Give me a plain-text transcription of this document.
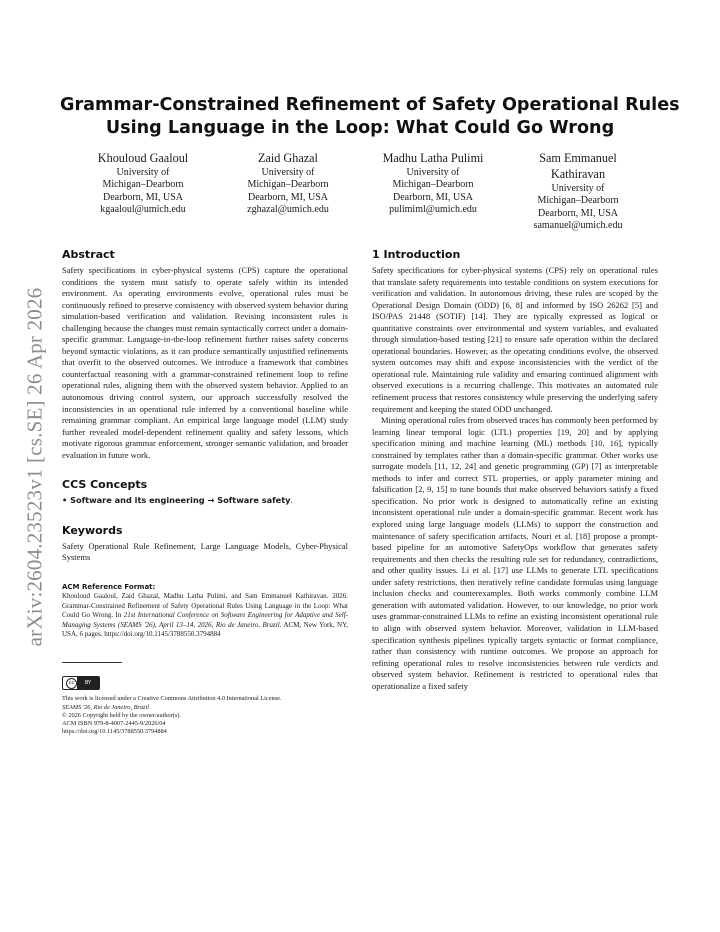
arXiv:2604.23523v1 [cs.SE] 26 Apr 2026
Grammar-Constrained Refinement of Safety Operational Rules
Using Language in the Loop: What Could Go Wrong
Khouloud Gaaloul
University of
Michigan–Dearborn
Dearborn, MI, USA
kgaaloul@umich.edu
Zaid Ghazal
University of
Michigan–Dearborn
Dearborn, MI, USA
zghazal@umich.edu
Madhu Latha Pulimi
University of
Michigan–Dearborn
Dearborn, MI, USA
pulimiml@umich.edu
Sam Emmanuel
Kathiravan
University of
Michigan–Dearborn
Dearborn, MI, USA
samanuel@umich.edu
Abstract

Safety specifications in cyber-physical systems (CPS) capture the operational conditions the system must satisfy to operate safely within its intended environment. As operating environments evolve, operational rules must be continuously refined to preserve consistency with observed system behavior during simulation-based verification and validation. Revising inconsistent rules is challenging because the changes must remain syntactically correct under a domain-specific grammar. Language-in-the-loop refinement further raises safety concerns beyond syntactic violations, as it can produce semantically unjustified refinements that overfit to the observed outcomes. We introduce a framework that combines counterfactual reasoning with a grammar-constrained refinement loop to refine operational rules, aligning them with the observed system behavior. Applied to an autonomous driving control system, our approach successfully resolved the inconsistencies in an operational rule inferred by a conventional baseline while remaining grammar compliant. An empirical large language model (LLM) study further revealed model-dependent refinement quality and safety lessons, which motivate rigorous grammar enforcement, stronger semantic validation, and broader evaluation in future work.

CCS Concepts

• Software and its engineering → Software safety.

Keywords

Safety Operational Rule Refinement, Large Language Models, Cyber-Physical Systems

ACM Reference Format:

Khouloud Gaaloul, Zaid Ghazal, Madhu Latha Pulimi, and Sam Emmanuel Kathiravan. 2026. Grammar-Constrained Refinement of Safety Operational Rules Using Language in the Loop: What Could Go Wrong. In 21st International Conference on Software Engineering for Adaptive and Self-Managing Systems (SEAMS '26), April 13–14, 2026, Rio de Janeiro, Brazil. ACM, New York, NY, USA, 6 pages. https://doi.org/10.1145/3788550.3794884

cc	BY

This work is licensed under a Creative Commons Attribution 4.0 International License.

SEAMS '26, Rio de Janeiro, Brazil

© 2026 Copyright held by the owner/author(s).

ACM ISBN 979-8-4007-2445-9/2026/04

https://doi.org/10.1145/3788550.3794884

1 Introduction

Safety specifications for cyber-physical systems (CPS) rely on operational rules that translate safety requirements into testable conditions on system executions for verification and validation. In autonomous driving, these rules are scoped by the Operational Design Domain (ODD) [6, 8] and informed by ISO 26262 [5] and ISO/PAS 21448 (SOTIF) [14]. They are typically expressed as logical or quantitative constraints over environmental and system variables, and evaluated through simulation-based testing [21] to ensure safe operation within the declared operational boundaries. However, as the operating conditions evolve, the observed system outcomes may shift and expose inconsistencies with the verdict of the operational rule. Maintaining rule validity and ensuring continued alignment with observed executions is a recurring challenge. This motivates an automated rule refinement process that restores consistency while preserving the underlying safety requirement and keeping the stated ODD unchanged.

Mining operational rules from observed traces has commonly been performed by learning linear temporal logic (LTL) properties [19, 20] and by applying specification mining and machine learning (ML) methods [10, 16], typically constrained by templates rather than a domain-specific grammar. Other works use surrogate models [11, 12, 24] and genetic programming (GP) [7] as interpretable methods to infer and correct STL properties, or apply parameter mining and falsification [2, 9, 15] to tune bounds that make observed behaviors satisfy a fixed specification. No prior work is designed to automatically refine an existing inconsistent operational rule under a domain-specific grammar. Recent work has explored using large language models (LLMs) to support the construction and maintenance of safety specification artifacts. Nouri et al. [18] propose a prompt-based pipeline for an automotive SafetyOps workflow that generates safety requirements and then checks the resulting rule set for redundancy, contradictions, and other quality issues. Li et al. [17] use LLMs to generate LTL specifications under safety restrictions, then iteratively refine candidate formulas using language inclusion checks and counterexamples. Both works commonly combine LLM generation with automated validation. However, to our knowledge, no prior work uses grammar-constrained LLMs to refine an existing inconsistent operational rule to align with observed system behavior. Moreover, validation in LLM-based specification synthesis pipelines typically targets syntactic or format compliance, rather than consistency with runtime outcomes. We propose an approach for refining operational rules to resolve inconsistencies between rule verdicts and observed system behavior. Refinement is restricted to operational rules that operationalize a fixed safety
